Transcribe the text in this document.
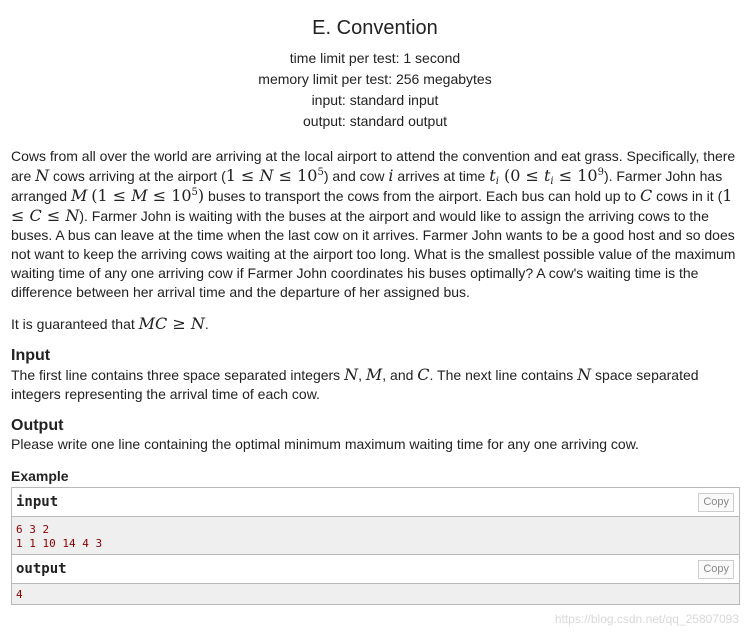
E. Convention
time limit per test: 1 second
memory limit per test: 256 megabytes
input: standard input
output: standard output

Cows from all over the world are arriving at the local airport to attend the convention and eat grass. Specifically, there are N cows arriving at the airport $(1 \le N \le 10^5)$ and cow i arrives at time $t_i$ $(0 \le t_i \le 10^9)$. Farmer John has arranged M $(1 \le M \le 10^5)$ buses to transport the cows from the airport. Each bus can hold up to C cows in it (1 ≤ C ≤ N). Farmer John is waiting with the buses at the airport and would like to assign the arriving cows to the buses. A bus can leave at the time when the last cow on it arrives. Farmer John wants to be a good host and so does not want to keep the arriving cows waiting at the airport too long. What is the smallest possible value of the maximum waiting time of any one arriving cow if Farmer John coordinates his buses optimally? A cow's waiting time is the difference between her arrival time and the departure of her assigned bus.

It is guaranteed that MC ≥ N.

Input
The first line contains three space separated integers N, M, and C. The next line contains N space separated integers representing the arrival time of each cow.
Output
Please write one line containing the optimal minimum maximum waiting time for any one arriving cow.
Example
input	Copy
6 3 2
1 1 10 14 4 3
output	Copy
4
https://blog.csdn.net/qq_25807093
